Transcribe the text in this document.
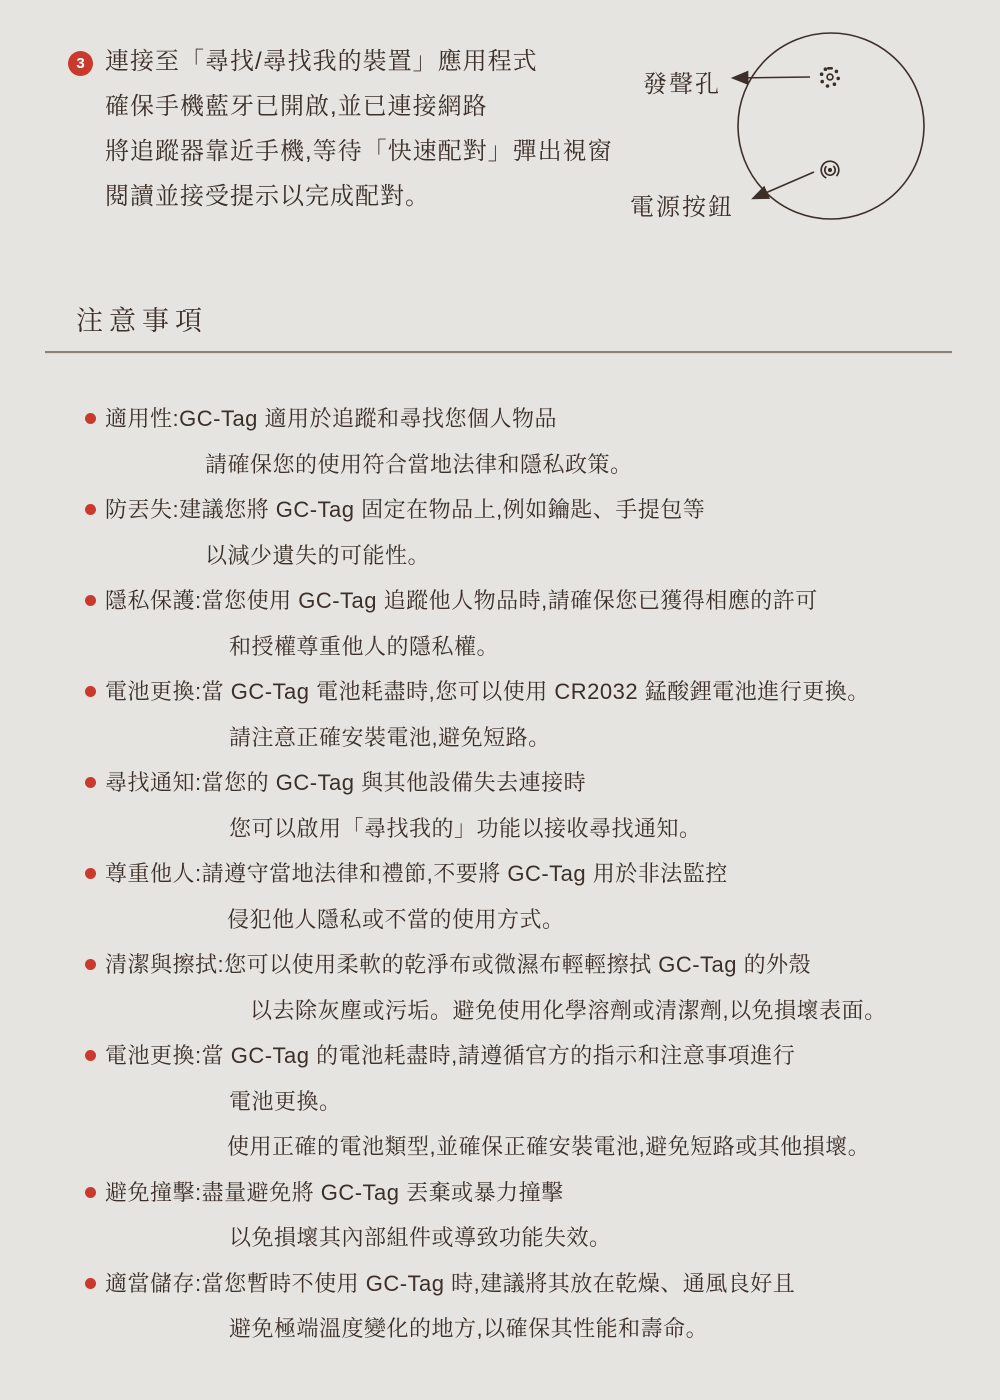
3 連接至「尋找/尋找我的裝置」應用程式
確保手機藍牙已開啟,並已連接網路
將追蹤器靠近手機,等待「快速配對」彈出視窗
閱讀並接受提示以完成配對。
發聲孔
電源按鈕
注意事項
適用性:GC-Tag 適用於追蹤和尋找您個人物品
請確保您的使用符合當地法律和隱私政策。
防丟失:建議您將 GC-Tag 固定在物品上,例如鑰匙、手提包等
以減少遺失的可能性。
隱私保護:當您使用 GC-Tag 追蹤他人物品時,請確保您已獲得相應的許可
和授權尊重他人的隱私權。
電池更換:當 GC-Tag 電池耗盡時,您可以使用 CR2032 錳酸鋰電池進行更換。
請注意正確安裝電池,避免短路。
尋找通知:當您的 GC-Tag 與其他設備失去連接時
您可以啟用「尋找我的」功能以接收尋找通知。
尊重他人:請遵守當地法律和禮節,不要將 GC-Tag 用於非法監控
侵犯他人隱私或不當的使用方式。
清潔與擦拭:您可以使用柔軟的乾淨布或微濕布輕輕擦拭 GC-Tag 的外殼
以去除灰塵或污垢。避免使用化學溶劑或清潔劑,以免損壞表面。
電池更換:當 GC-Tag 的電池耗盡時,請遵循官方的指示和注意事項進行
電池更換。
使用正確的電池類型,並確保正確安裝電池,避免短路或其他損壞。
避免撞擊:盡量避免將 GC-Tag 丟棄或暴力撞擊
以免損壞其內部組件或導致功能失效。
適當儲存:當您暫時不使用 GC-Tag 時,建議將其放在乾燥、通風良好且
避免極端溫度變化的地方,以確保其性能和壽命。
